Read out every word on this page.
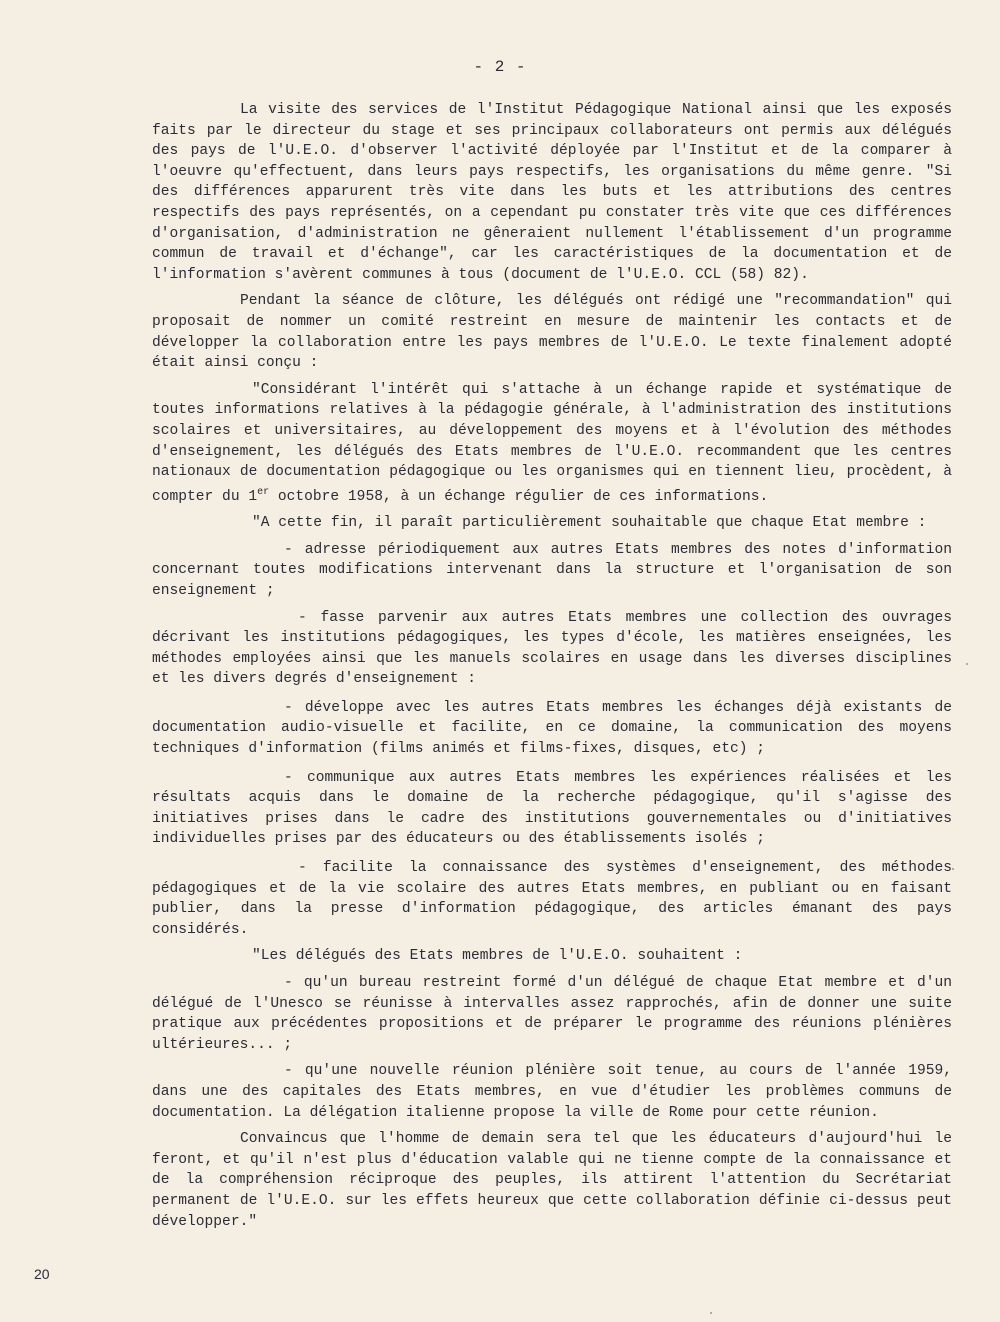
- 2 -

La visite des services de l'Institut Pédagogique National ainsi que les exposés faits par le directeur du stage et ses principaux collaborateurs ont permis aux délégués des pays de l'U.E.O. d'observer l'activité déployée par l'Institut et de la comparer à l'oeuvre qu'effectuent, dans leurs pays respectifs, les organisations du même genre. "Si des différences apparurent très vite dans les buts et les attributions des centres respectifs des pays représentés, on a cependant pu constater très vite que ces différences d'organisation, d'administration ne gêneraient nullement l'établissement d'un programme commun de travail et d'échange", car les caractéristiques de la documentation et de l'information s'avèrent communes à tous (document de l'U.E.O. CCL (58) 82).

Pendant la séance de clôture, les délégués ont rédigé une "recommandation" qui proposait de nommer un comité restreint en mesure de maintenir les contacts et de développer la collaboration entre les pays membres de l'U.E.O. Le texte finalement adopté était ainsi conçu :

"Considérant l'intérêt qui s'attache à un échange rapide et systématique de toutes informations relatives à la pédagogie générale, à l'administration des institutions scolaires et universitaires, au développement des moyens et à l'évolution des méthodes d'enseignement, les délégués des Etats membres de l'U.E.O. recommandent que les centres nationaux de documentation pédagogique ou les organismes qui en tiennent lieu, procèdent, à compter du 1er octobre 1958, à un échange régulier de ces informations.

"A cette fin, il paraît particulièrement souhaitable que chaque Etat membre :

- adresse périodiquement aux autres Etats membres des notes d'information concernant toutes modifications intervenant dans la structure et l'organisation de son enseignement ;

- fasse parvenir aux autres Etats membres une collection des ouvrages décrivant les institutions pédagogiques, les types d'école, les matières enseignées, les méthodes employées ainsi que les manuels scolaires en usage dans les diverses disciplines et les divers degrés d'enseignement :

- développe avec les autres Etats membres les échanges déjà existants de documentation audio-visuelle et facilite, en ce domaine, la communication des moyens techniques d'information (films animés et films-fixes, disques, etc) ;

- communique aux autres Etats membres les expériences réalisées et les résultats acquis dans le domaine de la recherche pédagogique, qu'il s'agisse des initiatives prises dans le cadre des institutions gouvernementales ou d'initiatives individuelles prises par des éducateurs ou des établissements isolés ;

- facilite la connaissance des systèmes d'enseignement, des méthodes pédagogiques et de la vie scolaire des autres Etats membres, en publiant ou en faisant publier, dans la presse d'information pédagogique, des articles émanant des pays considérés.

"Les délégués des Etats membres de l'U.E.O. souhaitent :

- qu'un bureau restreint formé d'un délégué de chaque Etat membre et d'un délégué de l'Unesco se réunisse à intervalles assez rapprochés, afin de donner une suite pratique aux précédentes propositions et de préparer le programme des réunions plénières ultérieures... ;

- qu'une nouvelle réunion plénière soit tenue, au cours de l'année 1959, dans une des capitales des Etats membres, en vue d'étudier les problèmes communs de documentation. La délégation italienne propose la ville de Rome pour cette réunion.

Convaincus que l'homme de demain sera tel que les éducateurs d'aujourd'hui le feront, et qu'il n'est plus d'éducation valable qui ne tienne compte de la connaissance et de la compréhension réciproque des peuples, ils attirent l'attention du Secrétariat permanent de l'U.E.O. sur les effets heureux que cette collaboration définie ci-dessus peut développer."

20
